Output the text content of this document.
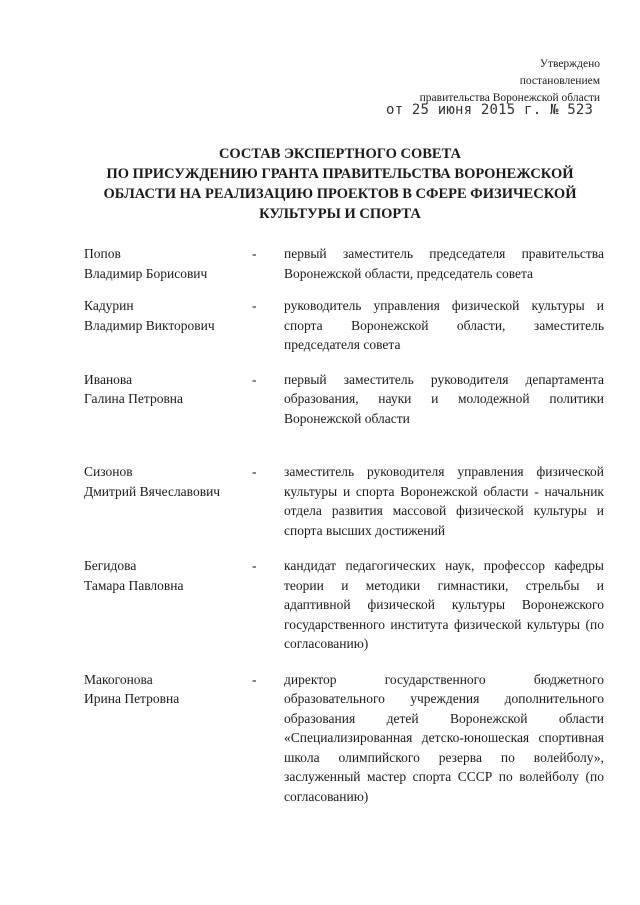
Утверждено
постановлением
правительства Воронежской области
от 25 июня 2015 г. № 523
СОСТАВ ЭКСПЕРТНОГО СОВЕТА
ПО ПРИСУЖДЕНИЮ ГРАНТА ПРАВИТЕЛЬСТВА ВОРОНЕЖСКОЙ
ОБЛАСТИ НА РЕАЛИЗАЦИЮ ПРОЕКТОВ В СФЕРЕ ФИЗИЧЕСКОЙ
КУЛЬТУРЫ И СПОРТА
Попов
Владимир Борисович
-	первый заместитель председателя правительства Воронежской области, председатель совета
Кадурин
Владимир Викторович
-	руководитель управления физической культуры и спорта Воронежской области, заместитель председателя совета
Иванова
Галина Петровна
-	первый заместитель руководителя департамента образования, науки и молодежной политики Воронежской области
Сизонов
Дмитрий Вячеславович
-	заместитель руководителя управления физической культуры и спорта Воронежской области - начальник отдела развития массовой физической культуры и спорта высших достижений
Бегидова
Тамара Павловна
-	кандидат педагогических наук, профессор кафедры теории и методики гимнастики, стрельбы и адаптивной физической культуры Воронежского государственного института физической культуры (по согласованию)
Макогонова
Ирина Петровна
-	директор государственного бюджетного образовательного учреждения дополнительного образования детей Воронежской области «Специализированная детско-юношеская спортивная школа олимпийского резерва по волейболу», заслуженный мастер спорта СССР по волейболу (по согласованию)
